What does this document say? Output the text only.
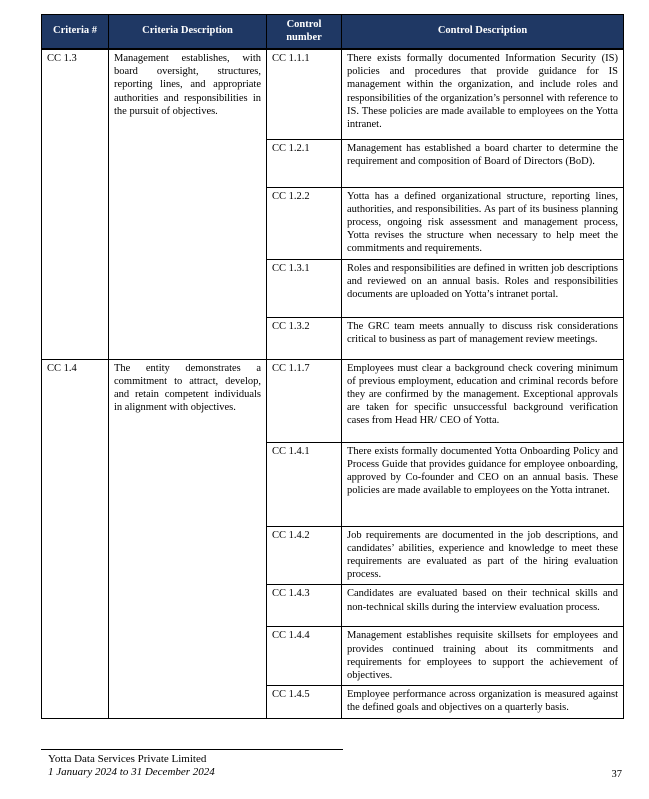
Criteria #	Criteria Description	Control number	Control Description
CC 1.3	Management establishes, with board oversight, structures, reporting lines, and appropriate authorities and responsibilities in the pursuit of objectives.	CC 1.1.1	There exists formally documented Information Security (IS) policies and procedures that provide guidance for IS management within the organization, and include roles and responsibilities of the organization’s personnel with reference to IS. These policies are made available to employees on the Yotta intranet.
		CC 1.2.1	Management has established a board charter to determine the requirement and composition of Board of Directors (BoD).
		CC 1.2.2	Yotta has a defined organizational structure, reporting lines, authorities, and responsibilities. As part of its business planning process, ongoing risk assessment and management process, Yotta revises the structure when necessary to help meet the commitments and requirements.
		CC 1.3.1	Roles and responsibilities are defined in written job descriptions and reviewed on an annual basis. Roles and responsibilities documents are uploaded on Yotta’s intranet portal.
		CC 1.3.2	The GRC team meets annually to discuss risk considerations critical to business as part of management review meetings.
CC 1.4	The entity demonstrates a commitment to attract, develop, and retain competent individuals in alignment with objectives.	CC 1.1.7	Employees must clear a background check covering minimum of previous employment, education and criminal records before they are confirmed by the management. Exceptional approvals are taken for specific unsuccessful background verification cases from Head HR/ CEO of Yotta.
		CC 1.4.1	There exists formally documented Yotta Onboarding Policy and Process Guide that provides guidance for employee onboarding, approved by Co-founder and CEO on an annual basis. These policies are made available to employees on the Yotta intranet.
		CC 1.4.2	Job requirements are documented in the job descriptions, and candidates’ abilities, experience and knowledge to meet these requirements are evaluated as part of the hiring evaluation process.
		CC 1.4.3	Candidates are evaluated based on their technical skills and non-technical skills during the interview evaluation process.
		CC 1.4.4	Management establishes requisite skillsets for employees and provides continued training about its commitments and requirements for employees to support the achievement of objectives.
		CC 1.4.5	Employee performance across organization is measured against the defined goals and objectives on a quarterly basis.
Yotta Data Services Private Limited
1 January 2024 to 31 December 2024	37
